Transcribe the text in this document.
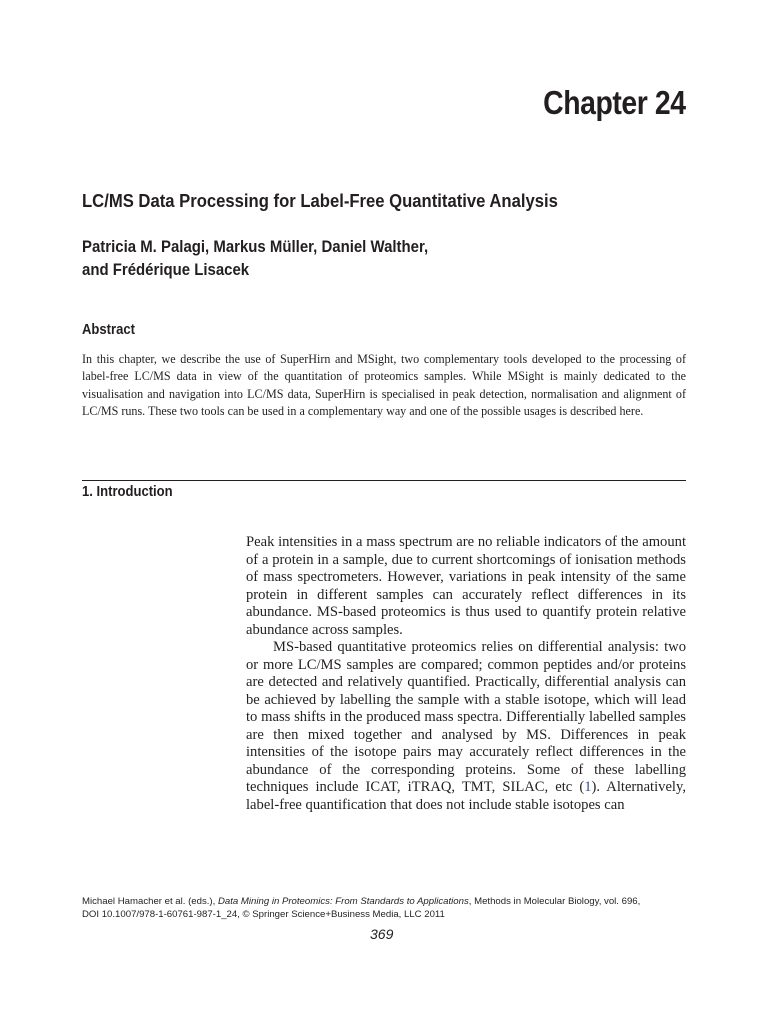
Chapter 24
LC/MS Data Processing for Label-Free Quantitative Analysis
Patricia M. Palagi, Markus Müller, Daniel Walther,
and Frédérique Lisacek
Abstract
In this chapter, we describe the use of SuperHirn and MSight, two complementary tools developed to the processing of label-free LC/MS data in view of the quantitation of proteomics samples. While MSight is mainly dedicated to the visualisation and navigation into LC/MS data, SuperHirn is specialised in peak detection, normalisation and alignment of LC/MS runs. These two tools can be used in a complementary way and one of the possible usages is described here.
1. Introduction

Peak intensities in a mass spectrum are no reliable indicators of the amount of a protein in a sample, due to current shortcomings of ionisation methods of mass spectrometers. However, variations in peak intensity of the same protein in different samples can accurately reflect differences in its abundance. MS-based proteomics is thus used to quantify protein relative abundance across samples.

MS-based quantitative proteomics relies on differential analysis: two or more LC/MS samples are compared; common peptides and/or proteins are detected and relatively quantified. Practically, differential analysis can be achieved by labelling the sample with a stable isotope, which will lead to mass shifts in the produced mass spectra. Differentially labelled samples are then mixed together and analysed by MS. Differences in peak intensities of the isotope pairs may accurately reflect differences in the abundance of the corresponding proteins. Some of these labelling techniques include ICAT, iTRAQ, TMT, SILAC, etc (1). Alternatively, label-free quantification that does not include stable isotopes can

Michael Hamacher et al. (eds.), Data Mining in Proteomics: From Standards to Applications, Methods in Molecular Biology, vol. 696,
DOI 10.1007/978-1-60761-987-1_24, © Springer Science+Business Media, LLC 2011
369
